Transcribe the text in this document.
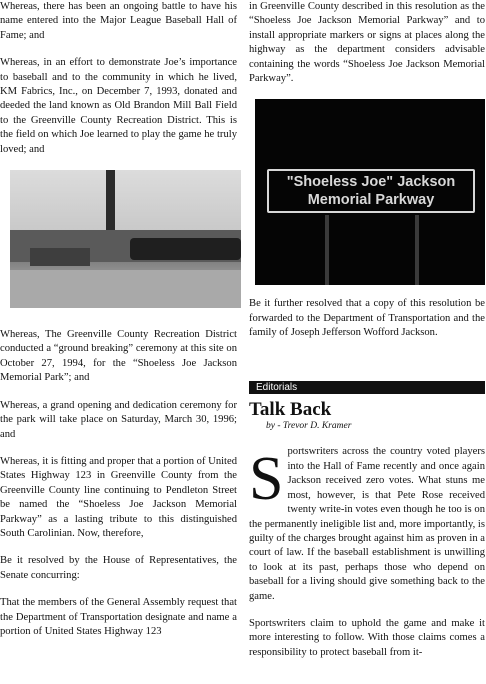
Whereas, there has been an ongoing battle to have his name entered into the Major League Baseball Hall of Fame; and

Whereas, in an effort to demonstrate Joe’s importance to baseball and to the community in which he lived, KM Fabrics, Inc., on December 7, 1993, donated and deeded the land known as Old Brandon Mill Ball Field to the Greenville County Recreation District. This is the field on which Joe learned to play the game he truly loved; and

Whereas, The Greenville County Recreation District conducted a “ground breaking” ceremony at this site on October 27, 1994, for the “Shoeless Joe Jackson Memorial Park”; and

Whereas, a grand opening and dedication ceremony for the park will take place on Saturday, March 30, 1996; and

Whereas, it is fitting and proper that a portion of United States Highway 123 in Greenville County from the Greenville County line continuing to Pendleton Street be named the “Shoeless Joe Jackson Memorial Parkway” as a lasting tribute to this distinguished South Carolinian. Now, therefore,

Be it resolved by the House of Representatives, the Senate concurring:

That the members of the General Assembly request that the Department of Transportation designate and name a portion of United States Highway 123

in Greenville County described in this resolution as the “Shoeless Joe Jackson Memorial Parkway” and to install appropriate markers or signs at places along the highway as the department considers advisable containing the words “Shoeless Joe Jackson Memorial Parkway”.

"Shoeless Joe" Jackson
Memorial Parkway

Be it further resolved that a copy of this resolution be forwarded to the Department of Transportation and the family of Joseph Jefferson Wofford Jackson.

Editorials
Talk Back
by - Trevor D. Kramer

Sportswriters across the country voted players into the Hall of Fame recently and once again Jackson received zero votes. What stuns me most, however, is that Pete Rose received twenty write-in votes even though he too is on the permanently ineligible list and, more importantly, is guilty of the charges brought against him as proven in a court of law. If the baseball establishment is unwilling to look at its past, perhaps those who depend on baseball for a living should give something back to the game.

Sportswriters claim to uphold the game and make it more interesting to follow. With those claims comes a responsibility to protect baseball from it-
